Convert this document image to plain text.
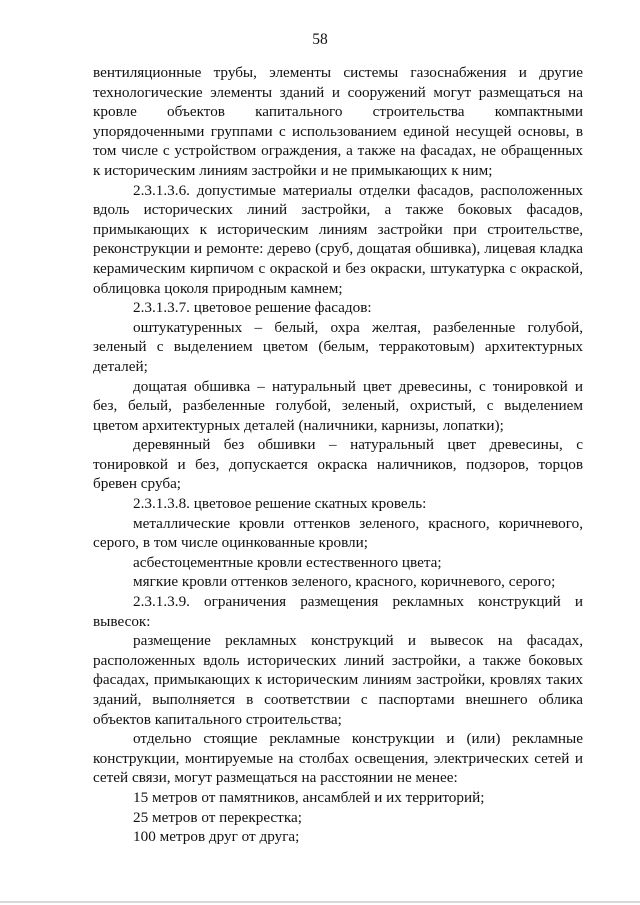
58

вентиляционные трубы, элементы системы газоснабжения и другие технологические элементы зданий и сооружений могут размещаться на кровле объектов капитального строительства компактными упорядоченными группами с использованием единой несущей основы, в том числе с устройством ограждения, а также на фасадах, не обращенных к историческим линиям застройки и не примыкающих к ним;

2.3.1.3.6. допустимые материалы отделки фасадов, расположенных вдоль исторических линий застройки, а также боковых фасадов, примыкающих к историческим линиям застройки при строительстве, реконструкции и ремонте: дерево (сруб, дощатая обшивка), лицевая кладка керамическим кирпичом с окраской и без окраски, штукатурка с окраской, облицовка цоколя природным камнем;

2.3.1.3.7. цветовое решение фасадов:

оштукатуренных – белый, охра желтая, разбеленные голубой, зеленый с выделением цветом (белым, терракотовым) архитектурных деталей;

дощатая обшивка – натуральный цвет древесины, с тонировкой и без, белый, разбеленные голубой, зеленый, охристый, с выделением цветом архитектурных деталей (наличники, карнизы, лопатки);

деревянный без обшивки – натуральный цвет древесины, с тонировкой и без, допускается окраска наличников, подзоров, торцов бревен сруба;

2.3.1.3.8. цветовое решение скатных кровель:

металлические кровли оттенков зеленого, красного, коричневого, серого, в том числе оцинкованные кровли;

асбестоцементные кровли естественного цвета;

мягкие кровли оттенков зеленого, красного, коричневого, серого;

2.3.1.3.9. ограничения размещения рекламных конструкций и вывесок:

размещение рекламных конструкций и вывесок на фасадах, расположенных вдоль исторических линий застройки, а также боковых фасадах, примыкающих к историческим линиям застройки, кровлях таких зданий, выполняется в соответствии с паспортами внешнего облика объектов капитального строительства;

отдельно стоящие рекламные конструкции и (или) рекламные конструкции, монтируемые на столбах освещения, электрических сетей и сетей связи, могут размещаться на расстоянии не менее:

15 метров от памятников, ансамблей и их территорий;

25 метров от перекрестка;

100 метров друг от друга;
